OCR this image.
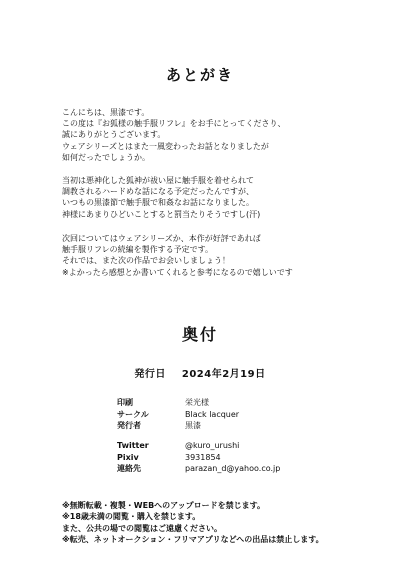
あとがき
こんにちは、黒漆です。
この度は『お狐様の触手服リフレ』をお手にとってくださり、
誠にありがとうございます。
ウェアシリーズとはまた一風変わったお話となりましたが
如何だったでしょうか。
当初は悪神化した狐神が祓い屋に触手服を着せられて
調教されるハードめな話になる予定だったんですが、
いつもの黒漆節で触手服で和姦なお話になりました。
神様にあまりひどいことすると罰当たりそうですし(汗)
次回についてはウェアシリーズか、本作が好評であれば
触手服リフレの続編を製作する予定です。
それでは、また次の作品でお会いしましょう！
※よかったら感想とか書いてくれると参考になるので嬉しいです
奥付
発行日 2024年2月19日
印刷	栄光様
サークル	Black lacquer
発行者	黒漆
Twitter	@kuro_urushi
Pixiv	3931854
連絡先	parazan_d@yahoo.co.jp
※無断転載・複製・WEBへのアップロードを禁じます。
※18歳未満の閲覧・購入を禁じます。
また、公共の場での閲覧はご遠慮ください。
※転売、ネットオークション・フリマアプリなどへの出品は禁止します。
